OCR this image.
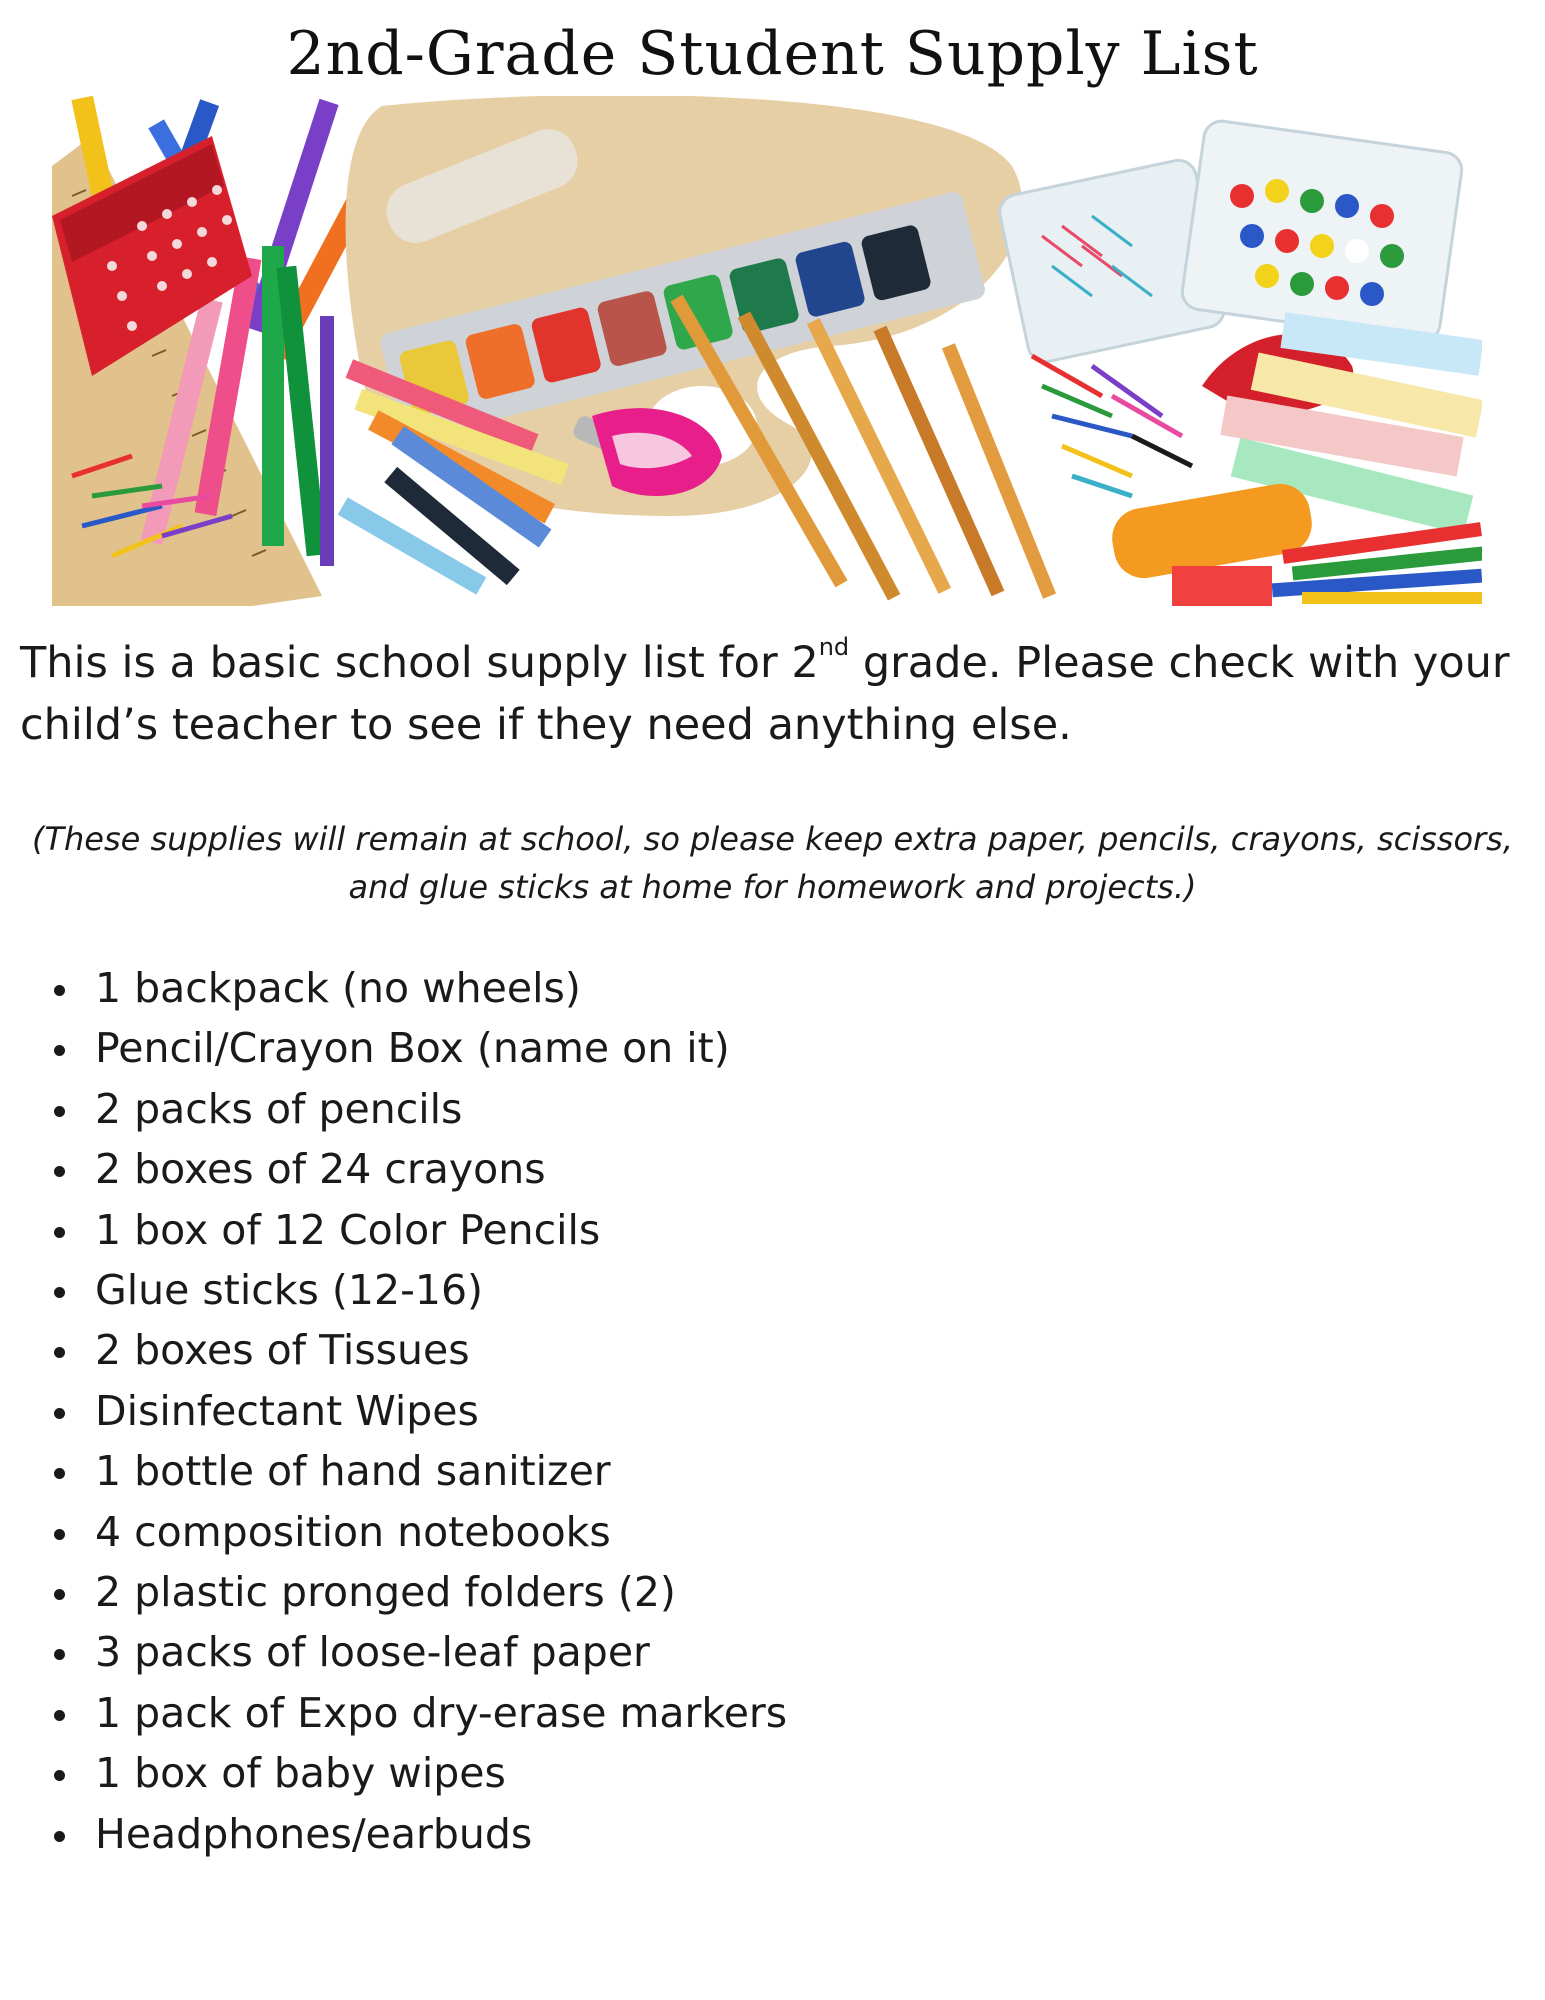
2nd-Grade Student Supply List
This is a basic school supply list for 2nd grade. Please check with your child’s teacher to see if they need anything else.
(These supplies will remain at school, so please keep extra paper, pencils, crayons, scissors, and glue sticks at home for homework and projects.)
1 backpack (no wheels)
Pencil/Crayon Box (name on it)
2 packs of pencils
2 boxes of 24 crayons
1 box of 12 Color Pencils
Glue sticks (12-16)
2 boxes of Tissues
Disinfectant Wipes
1 bottle of hand sanitizer
4 composition notebooks
2 plastic pronged folders (2)
3 packs of loose-leaf paper
1 pack of Expo dry-erase markers
1 box of baby wipes
Headphones/earbuds
